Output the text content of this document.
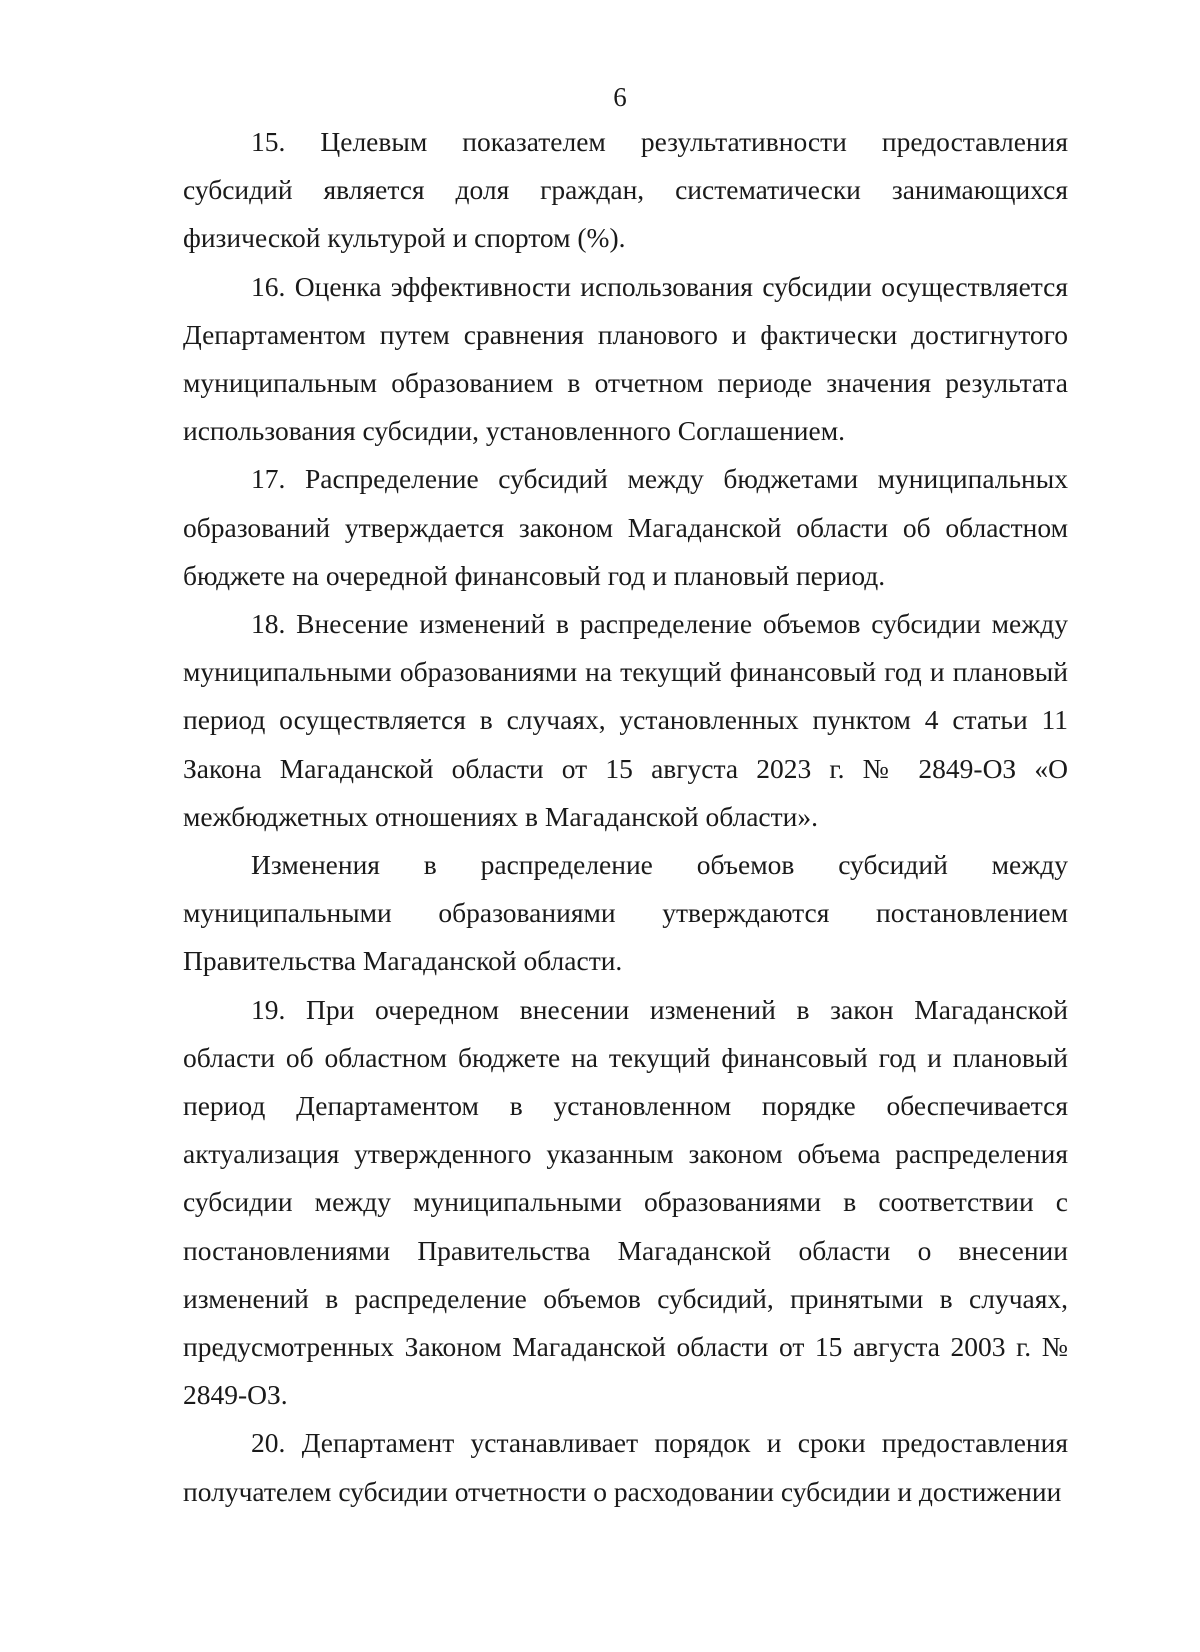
6

15. Целевым показателем результативности предоставления субсидий является доля граждан, систематически занимающихся физической культурой и спортом (%).

16. Оценка эффективности использования субсидии осуществляется Департаментом путем сравнения планового и фактически достигнутого муниципальным образованием в отчетном периоде значения результата использования субсидии, установленного Соглашением.

17. Распределение субсидий между бюджетами муниципальных образований утверждается законом Магаданской области об областном бюджете на очередной финансовый год и плановый период.

18. Внесение изменений в распределение объемов субсидии между муниципальными образованиями на текущий финансовый год и плановый период осуществляется в случаях, установленных пунктом 4 статьи 11 Закона Магаданской области от 15 августа 2023 г. № 2849-ОЗ «О межбюджетных отношениях в Магаданской области».

Изменения в распределение объемов субсидий между муниципальными образованиями утверждаются постановлением Правительства Магаданской области.

19. При очередном внесении изменений в закон Магаданской области об областном бюджете на текущий финансовый год и плановый период Департаментом в установленном порядке обеспечивается актуализация утвержденного указанным законом объема распределения субсидии между муниципальными образованиями в соответствии с постановлениями Правительства Магаданской области о внесении изменений в распределение объемов субсидий, принятыми в случаях, предусмотренных Законом Магаданской области от 15 августа 2003 г. № 2849-ОЗ.

20. Департамент устанавливает порядок и сроки предоставления получателем субсидии отчетности о расходовании субсидии и достижении
